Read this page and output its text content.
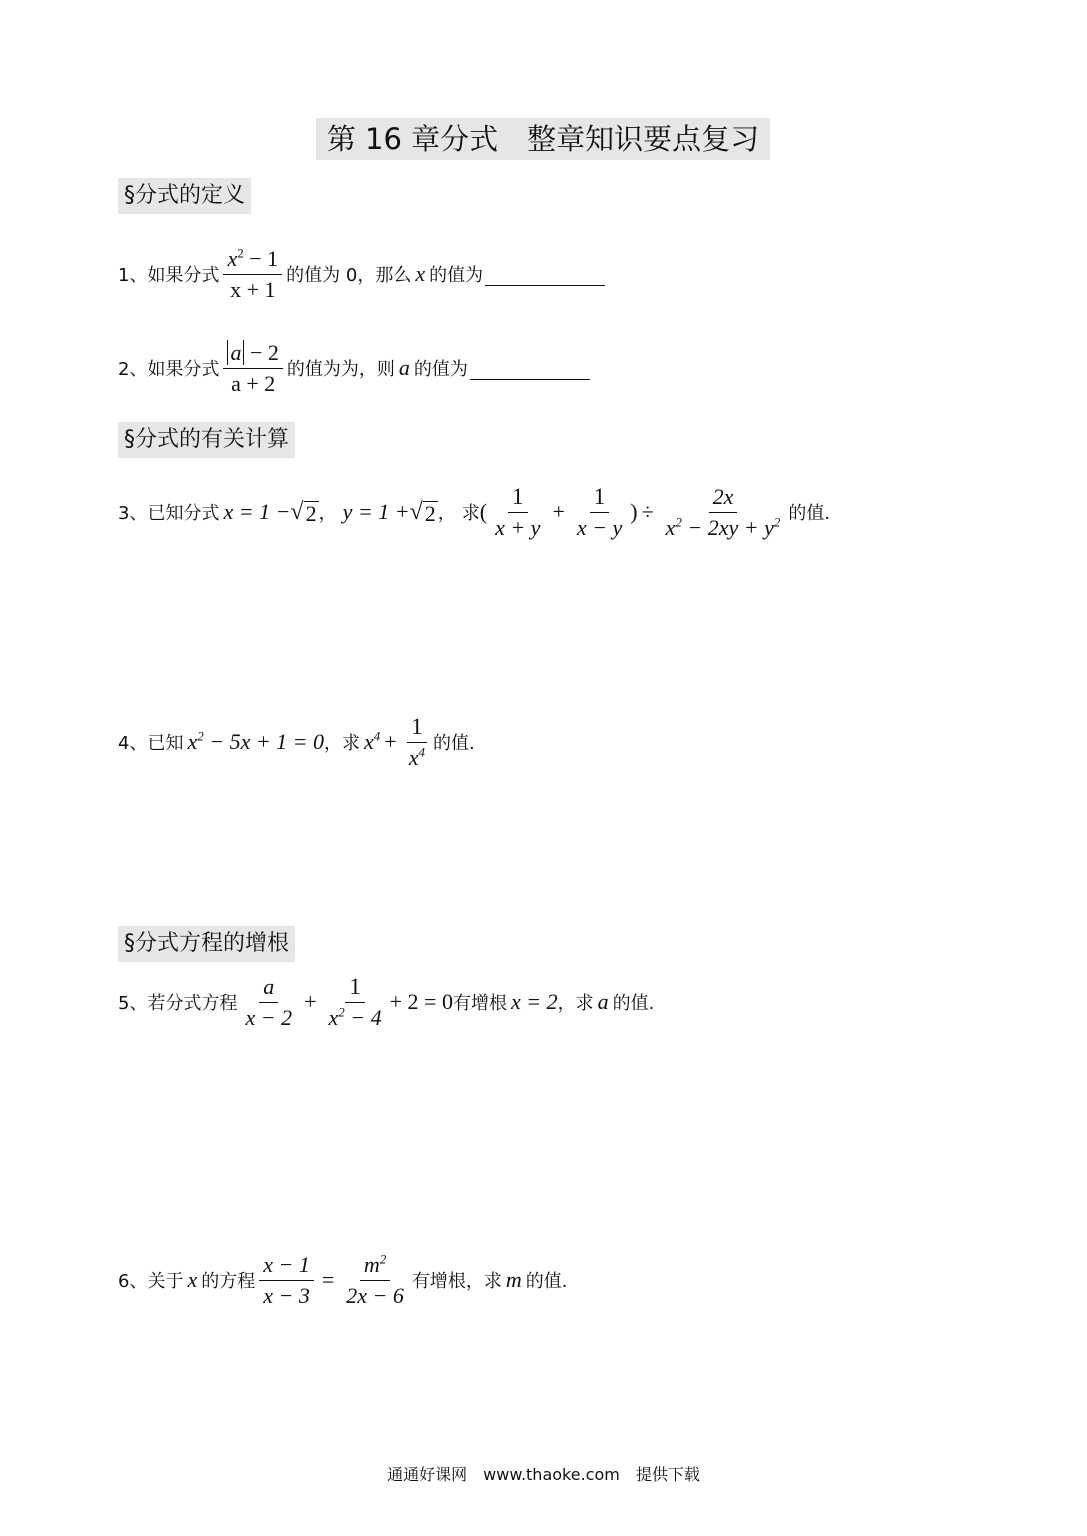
第 16 章分式　整章知识要点复习
§分式的定义
1、如果分式 $\frac{x^2 - 1}{x + 1}$ 的值为 0，那么 x 的值为
2、如果分式 $\frac{a - 2}{a + 2}$ 的值为为，则 a 的值为
§分式的有关计算
3、已知分式 x = 1 − √ 2 ， y = 1 + √ 2 ， 求 ( $\frac{1}{x + y} + \frac{1}{x - y}$ ) ÷ $\frac{2x}{x^2 - 2xy + y^2}$ 的值.
4、已知 $x^2 - 5x + 1 = 0$ ，求 $x^4 + \frac{1}{x^4}$ 的值.
§分式方程的增根
5、若分式方程 $\frac{a}{x - 2} + \frac{1}{x^2 - 4} + 2 = 0$ 有增根 x = 2 ，求 a 的值.
6、关于 x 的方程 $\frac{x - 1}{x - 3} = \frac{m^2}{2x - 6}$ 有增根，求 m 的值.
通通好课网　www.thaoke.com　提供下载
